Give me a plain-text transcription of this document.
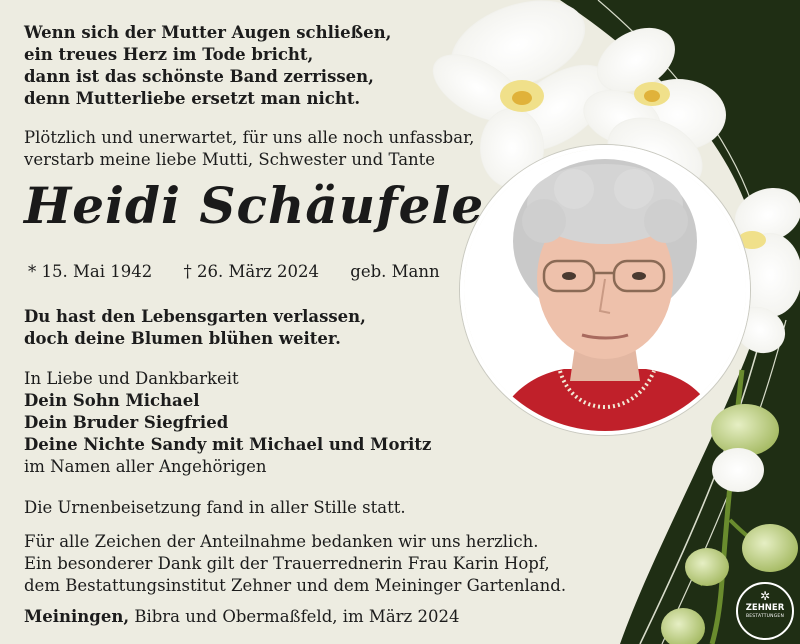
✲
ZEHNER
BESTATTUNGEN

Wenn sich der Mutter Augen schließen,

ein treues Herz im Tode bricht,

dann ist das schönste Band zerrissen,

denn Mutterliebe ersetzt man nicht.

Plötzlich und unerwartet, für uns alle noch unfassbar,

verstarb meine liebe Mutti, Schwester und Tante

Heidi Schäufele
* 15. Mai 1942 † 26. März 2024 geb. Mann

Du hast den Lebensgarten verlassen,

doch deine Blumen blühen weiter.

In Liebe und Dankbarkeit

Dein Sohn Michael

Dein Bruder Siegfried

Deine Nichte Sandy mit Michael und Moritz

im Namen aller Angehörigen

Die Urnenbeisetzung fand in aller Stille statt.

Für alle Zeichen der Anteilnahme bedanken wir uns herzlich.

Ein besonderer Dank gilt der Trauerrednerin Frau Karin Hopf,

dem Bestattungsinstitut Zehner und dem Meininger Gartenland.

Meiningen, Bibra und Obermaßfeld, im März 2024
